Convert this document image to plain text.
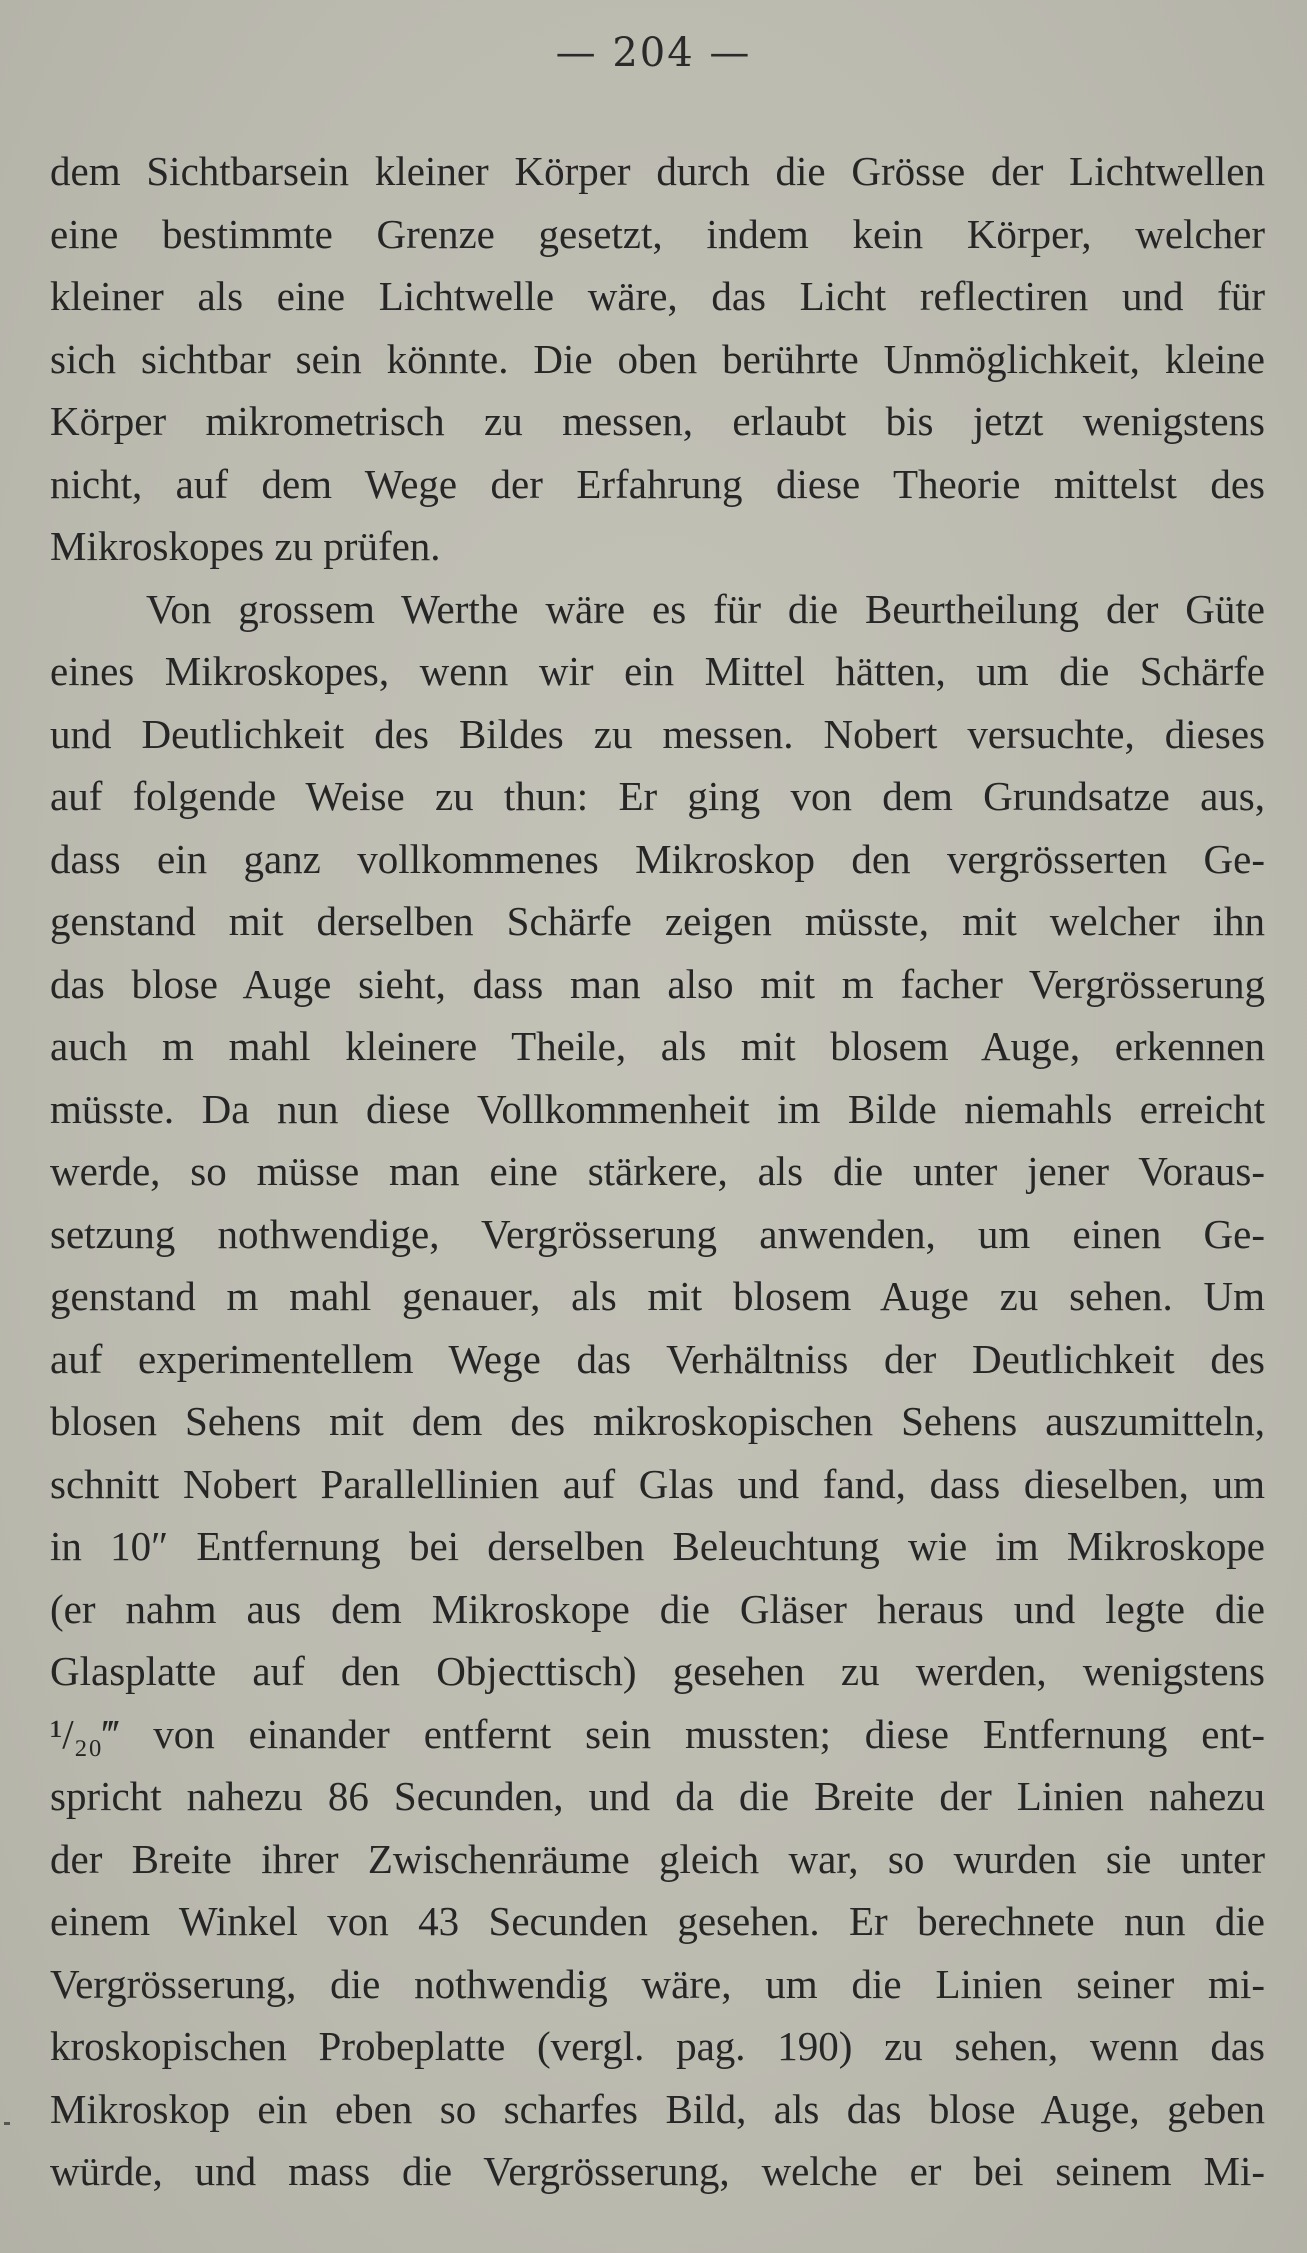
— 204 —
dem Sichtbarsein kleiner Körper durch die Grösse der Lichtwellen
eine bestimmte Grenze gesetzt, indem kein Körper, welcher
kleiner als eine Lichtwelle wäre, das Licht reflectiren und für
sich sichtbar sein könnte. Die oben berührte Unmöglichkeit, kleine
Körper mikrometrisch zu messen, erlaubt bis jetzt wenigstens
nicht, auf dem Wege der Erfahrung diese Theorie mittelst des
Mikroskopes zu prüfen.
Von grossem Werthe wäre es für die Beurtheilung der Güte
eines Mikroskopes, wenn wir ein Mittel hätten, um die Schärfe
und Deutlichkeit des Bildes zu messen. Nobert versuchte, dieses
auf folgende Weise zu thun: Er ging von dem Grundsatze aus,
dass ein ganz vollkommenes Mikroskop den vergrösserten Ge-
genstand mit derselben Schärfe zeigen müsste, mit welcher ihn
das blose Auge sieht, dass man also mit m facher Vergrösserung
auch m mahl kleinere Theile, als mit blosem Auge, erkennen
müsste. Da nun diese Vollkommenheit im Bilde niemahls erreicht
werde, so müsse man eine stärkere, als die unter jener Voraus-
setzung nothwendige, Vergrösserung anwenden, um einen Ge-
genstand m mahl genauer, als mit blosem Auge zu sehen. Um
auf experimentellem Wege das Verhältniss der Deutlichkeit des
blosen Sehens mit dem des mikroskopischen Sehens auszumitteln,
schnitt Nobert Parallellinien auf Glas und fand, dass dieselben, um
in 10″ Entfernung bei derselben Beleuchtung wie im Mikroskope
(er nahm aus dem Mikroskope die Gläser heraus und legte die
Glasplatte auf den Objecttisch) gesehen zu werden, wenigstens
¹/₂₀‴ von einander entfernt sein mussten; diese Entfernung ent-
spricht nahezu 86 Secunden, und da die Breite der Linien nahezu
der Breite ihrer Zwischenräume gleich war, so wurden sie unter
einem Winkel von 43 Secunden gesehen. Er berechnete nun die
Vergrösserung, die nothwendig wäre, um die Linien seiner mi-
kroskopischen Probeplatte (vergl. pag. 190) zu sehen, wenn das
Mikroskop ein eben so scharfes Bild, als das blose Auge, geben
würde, und mass die Vergrösserung, welche er bei seinem Mi-
